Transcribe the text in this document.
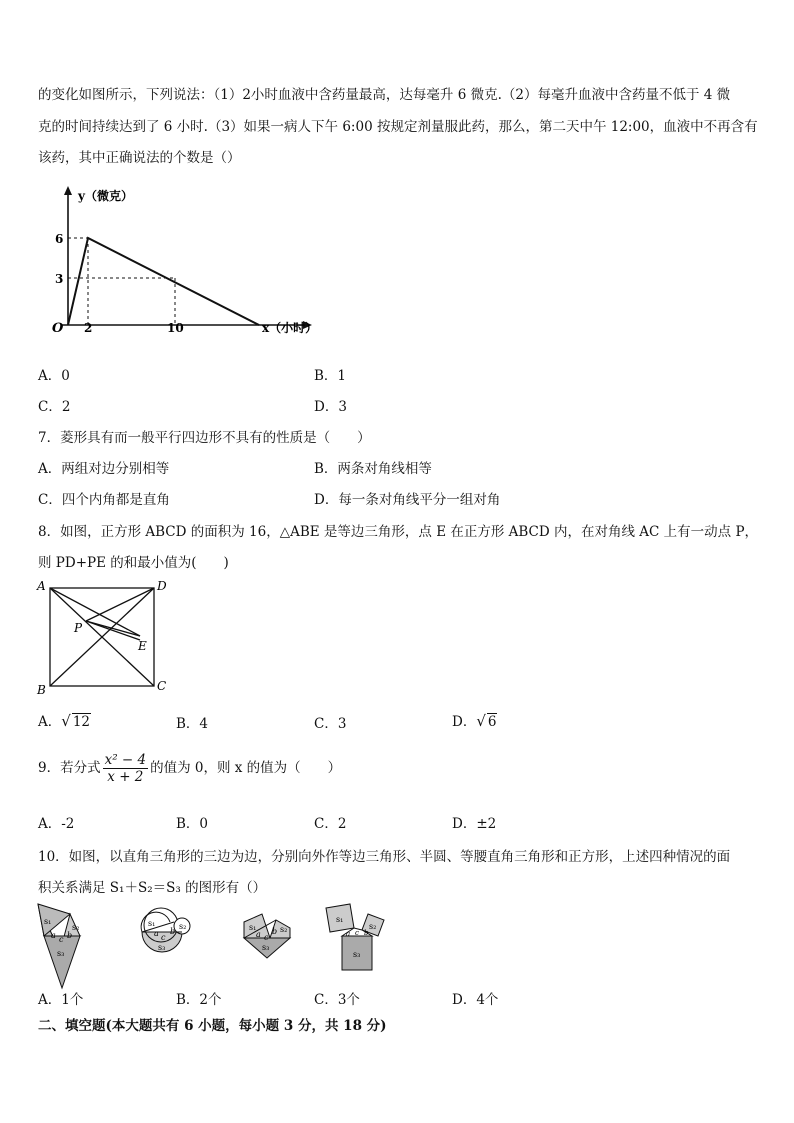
的变化如图所示，下列说法：（1）2小时血液中含药量最高，达每毫升 6 微克.（2）每毫升血液中含药量不低于 4 微
克的时间持续达到了 6 小时.（3）如果一病人下午 6:00 按规定剂量服此药，那么，第二天中午 12:00，血液中不再含有
该药，其中正确说法的个数是（）
y（微克）
x（小时）
O
6
3
2	10
A．0	B．1
C．2	D．3
7．菱形具有而一般平行四边形不具有的性质是（　　）
A．两组对边分别相等	B．两条对角线相等
C．四个内角都是直角	D．每一条对角线平分一组对角
8．如图，正方形 ABCD 的面积为 16，△ABE 是等边三角形，点 E 在正方形 ABCD 内，在对角线 AC 上有一动点 P，
则 PD+PE 的和最小值为(　　)
A	D
B	C
P
E
A．√ 12	B．4	C．3	D．√ 6
9．若分式 $\frac{\text{x² − 4}}{x + 2}$ 的值为 0，则 x 的值为（　　）
A．-2	B．0	C．2	D．±2
10．如图，以直角三角形的三边为边，分别向外作等边三角形、半圆、等腰直角三角形和正方形，上述四种情况的面
积关系满足 S₁＋S₂＝S₃ 的图形有（）
s₁
s₂
s₃
a c b
s₁	s₂
s₃
a c
b	s₁	s₂
s₃
a c
b
s₁
s₂
s₃
a c b
A．1个	B．2个	C．3个	D．4个
二、填空题(本大题共有 6 小题，每小题 3 分，共 18 分)
